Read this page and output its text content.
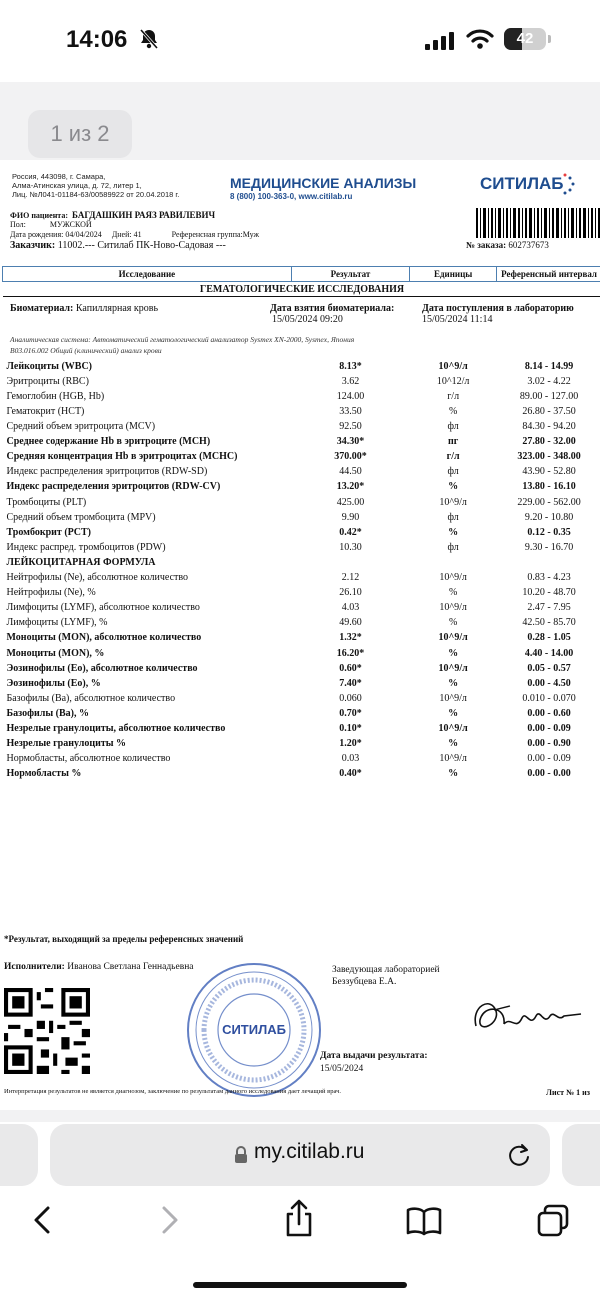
14:06	42
1 из 2
Россия, 443098, г. Самара,
Алма-Атинская улица, д. 72, литер 1,
Лиц. №Л041-01184-63/00589922 от 20.04.2018 г.
МЕДИЦИНСКИЕ АНАЛИЗЫ
8 (800) 100-363-0, www.citilab.ru
СИТИЛАБ
ФИО пациента: БАГДАШКИН РАЯЗ РАВИЛЕВИЧ
Пол:	МУЖСКОЙ
Дата рождения: 04/04/2024 Дней: 41	Референсная группа:Муж
Заказчик: 11002.--- Ситилаб ПК-Ново-Садовая ---	№ заказа: 602737673
Исследование	Результат	Единицы	Референсный интервал
ГЕМАТОЛОГИЧЕСКИЕ ИССЛЕДОВАНИЯ			

Лейкоциты (WBC)	8.13*	10^9/л	8.14 - 14.99
Эритроциты (RBC)	3.62	10^12/л	3.02 - 4.22
Гемоглобин (HGB, Hb)	124.00	г/л	89.00 - 127.00
Гематокрит (HCT)	33.50	%	26.80 - 37.50
Средний объем эритроцита (MCV)	92.50	фл	84.30 - 94.20
Среднее содержание Hb в эритроците (MCH)	34.30*	пг	27.80 - 32.00
Средняя концентрация Hb в эритроцитах (MCHC)	370.00*	г/л	323.00 - 348.00
Индекс распределения эритроцитов (RDW-SD)	44.50	фл	43.90 - 52.80
Индекс распределения эритроцитов (RDW-CV)	13.20*	%	13.80 - 16.10
Тромбоциты (PLT)	425.00	10^9/л	229.00 - 562.00
Средний объем тромбоцита (MPV)	9.90	фл	9.20 - 10.80
Тромбокрит (PCT)	0.42*	%	0.12 - 0.35
Индекс распред. тромбоцитов (PDW)	10.30	фл	9.30 - 16.70
ЛЕЙКОЦИТАРНАЯ ФОРМУЛА			
Нейтрофилы (Ne), абсолютное количество	2.12	10^9/л	0.83 - 4.23
Нейтрофилы (Ne), %	26.10	%	10.20 - 48.70
Лимфоциты (LYMF), абсолютное количество	4.03	10^9/л	2.47 - 7.95
Лимфоциты (LYMF), %	49.60	%	42.50 - 85.70
Моноциты (MON), абсолютное количество	1.32*	10^9/л	0.28 - 1.05
Моноциты (MON), %	16.20*	%	4.40 - 14.00
Эозинофилы (Eo), абсолютное количество	0.60*	10^9/л	0.05 - 0.57
Эозинофилы (Eo), %	7.40*	%	0.00 - 4.50
Базофилы (Ba), абсолютное количество	0.060	10^9/л	0.010 - 0.070
Базофилы (Ba), %	0.70*	%	0.00 - 0.60
Незрелые гранулоциты, абсолютное количество	0.10*	10^9/л	0.00 - 0.09
Незрелые гранулоциты %	1.20*	%	0.00 - 0.90
Нормобласты, абсолютное количество	0.03	10^9/л	0.00 - 0.09
Нормобласты %	0.40*	%	0.00 - 0.00
Биоматериал: Капиллярная кровь	Дата взятия биоматериала:
15/05/2024 09:20
Дата поступления в лабораторию
15/05/2024 11:14
Аналитическая система: Автоматический гематологический анализатор Sysmex XN-2000, Sysmex, Япония
B03.016.002 Общий (клинический) анализ крови
*Результат, выходящий за пределы референсных значений
Исполнители: Иванова Светлана Геннадьевна
СИТИЛАБ
Заведующая лабораторией
Беззубцева Е.А.
Дата выдачи результата:
15/05/2024
Интерпретация результатов не является диагнозом, заключение по результатам данного исследования дает лечащий врач.	Лист № 1 из
my.citilab.ru
